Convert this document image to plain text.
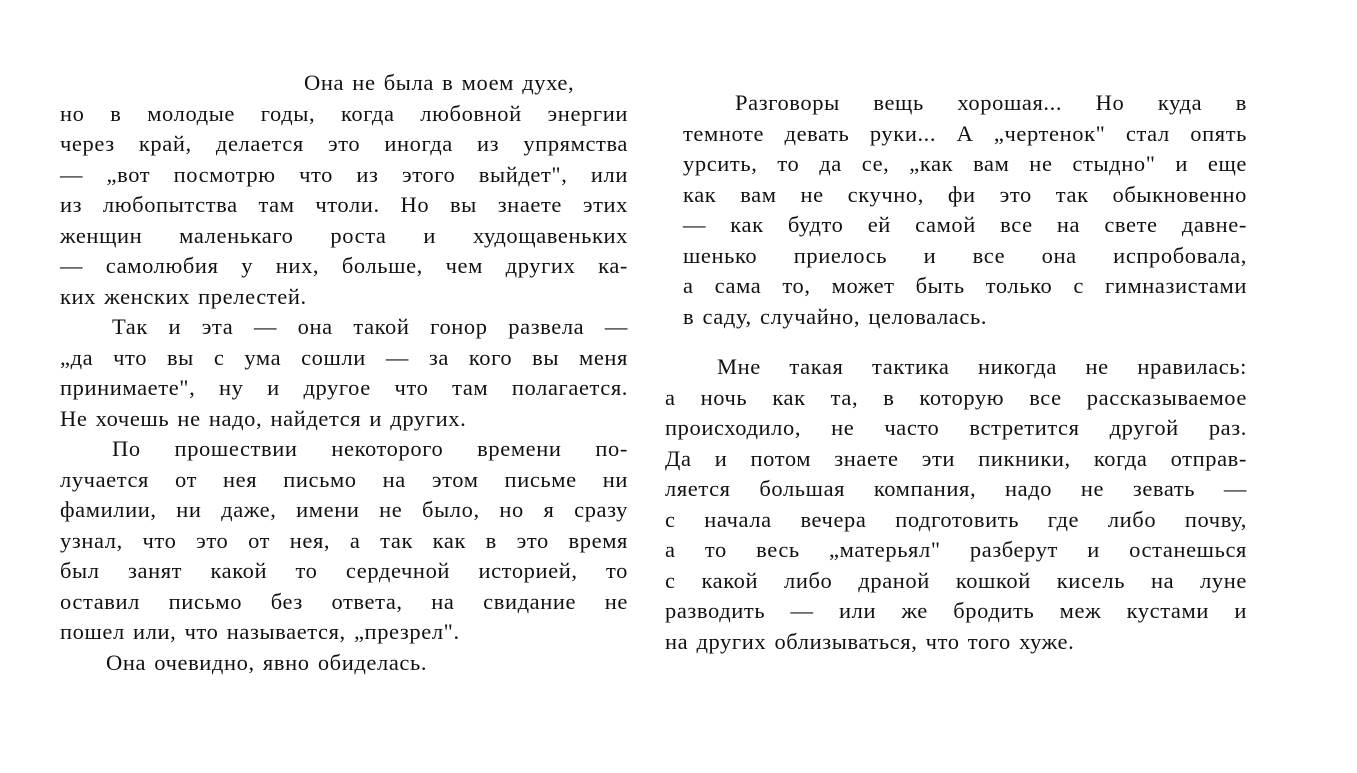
Она не была в моем духе,
но в молодые годы, когда любовной энергии
через край, делается это иногда из упрямства
— „вот посмотрю что из этого выйдет", или
из любопытства там чтоли. Но вы знаете этих
женщин маленькаго роста и худощавеньких
— самолюбия у них, больше, чем других ка-
ких женских прелестей.
Так и эта — она такой гонор развела —
„да что вы с ума сошли — за кого вы меня
принимаете", ну и другое что там полагается.
Не хочешь не надо, найдется и других.
По прошествии некоторого времени по-
лучается от нея письмо на этом письме ни
фамилии, ни даже, имени не было, но я сразу
узнал, что это от нея, а так как в это время
был занят какой то сердечной историей, то
оставил письмо без ответа, на свидание не
пошел или, что называется, „презрел".
Она очевидно, явно обиделась.
Разговоры вещь хорошая... Но куда в
темноте девать руки... А „чертенок" стал опять
урсить, то да се, „как вам не стыдно" и еще
как вам не скучно, фи это так обыкновенно
— как будто ей самой все на свете давне-
шенько приелось и все она испробовала,
а сама то, может быть только с гимназистами
в саду, случайно, целовалась.
Мне такая тактика никогда не нравилась:
а ночь как та, в которую все рассказываемое
происходило, не часто встретится другой раз.
Да и потом знаете эти пикники, когда отправ-
ляется большая компания, надо не зевать —
с начала вечера подготовить где либо почву,
а то весь „матерьял" разберут и останешься
с какой либо драной кошкой кисель на луне
разводить — или же бродить меж кустами и
на других облизываться, что того хуже.
